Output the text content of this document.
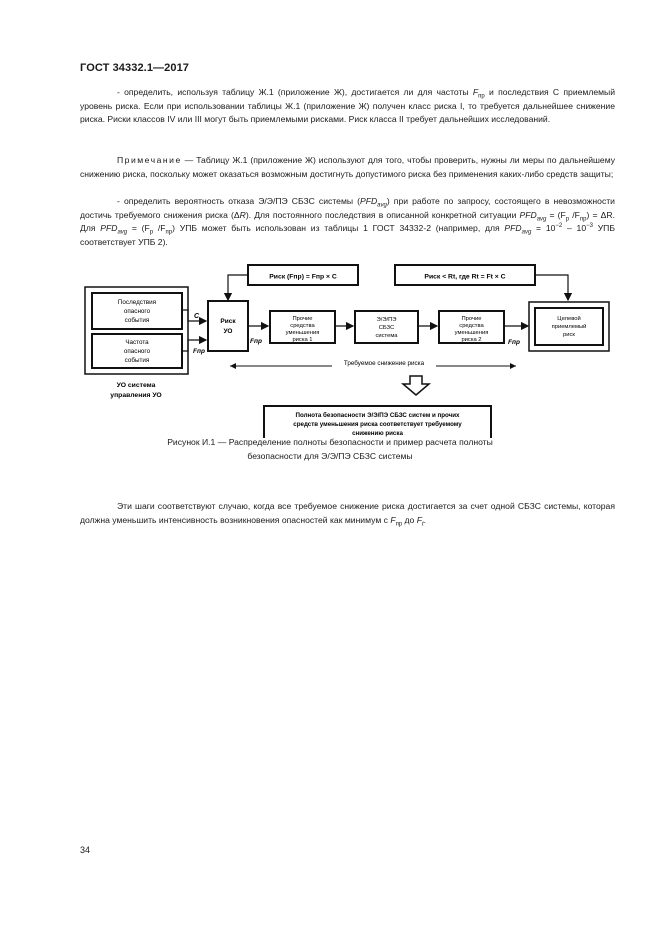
ГОСТ 34332.1—2017

- определить, используя таблицу Ж.1 (приложение Ж), достигается ли для частоты $F_{пр}$ и последствия С приемлемый уровень риска. Если при использовании таблицы Ж.1 (приложение Ж) получен класс риска I, то требуется дальнейшее снижение риска. Риски классов IV или III могут быть приемлемыми рисками. Риск класса II требует дальнейших исследований.

Примечание — Таблицу Ж.1 (приложение Ж) используют для того, чтобы проверить, нужны ли меры по дальнейшему снижению риска, поскольку может оказаться возможным достигнуть допустимого риска без применения каких-либо средств защиты;

- определить вероятность отказа Э/Э/ПЭ СБЗС системы $(PFD_{avg})$ при работе по запросу, состоящего в невозможности достичь требуемого снижения риска (ΔR). Для постоянного последствия в описанной конкретной ситуации $PFD_{avg} = (F_р$ $/F_{пр}) = \Delta R$. Для $PFD_{avg} = (F_р$ $/F_{пр}$) УПБ может быть использован из таблицы 1 ГОСТ 34332-2 (например, для $PFD_{avg} = 10^{-2} - 10^{-3}$ УПБ соответствует УПБ 2).

Риск (Fпр) = Fпр × C	Риск < Rt, где Rt = Ft × C
Последствия
опасного
события
Частота
опасного
события
УО система
управления УО
C
Fпр
Риск
УО
Fпр
Прочие
средства
уменьшения
риска 1
Э/Э/ПЭ
СБЗС
система
Прочие
средства
уменьшения
риска 2	Fпр
Целевой
приемлемый
риск
Требуемое снижение риска
Полнота безопасности Э/Э/ПЭ СБЗС систем и прочих
средств уменьшения риска соответствует требуемому
снижению риска
Рисунок И.1 — Распределение полноты безопасности и пример расчета полноты
безопасности для Э/Э/ПЭ СБЗС системы

Эти шаги соответствуют случаю, когда все требуемое снижение риска достигается за счет одной СБЗС системы, которая должна уменьшить интенсивность возникновения опасностей как минимум с $F_{пр}$ до $F_t$.

34
